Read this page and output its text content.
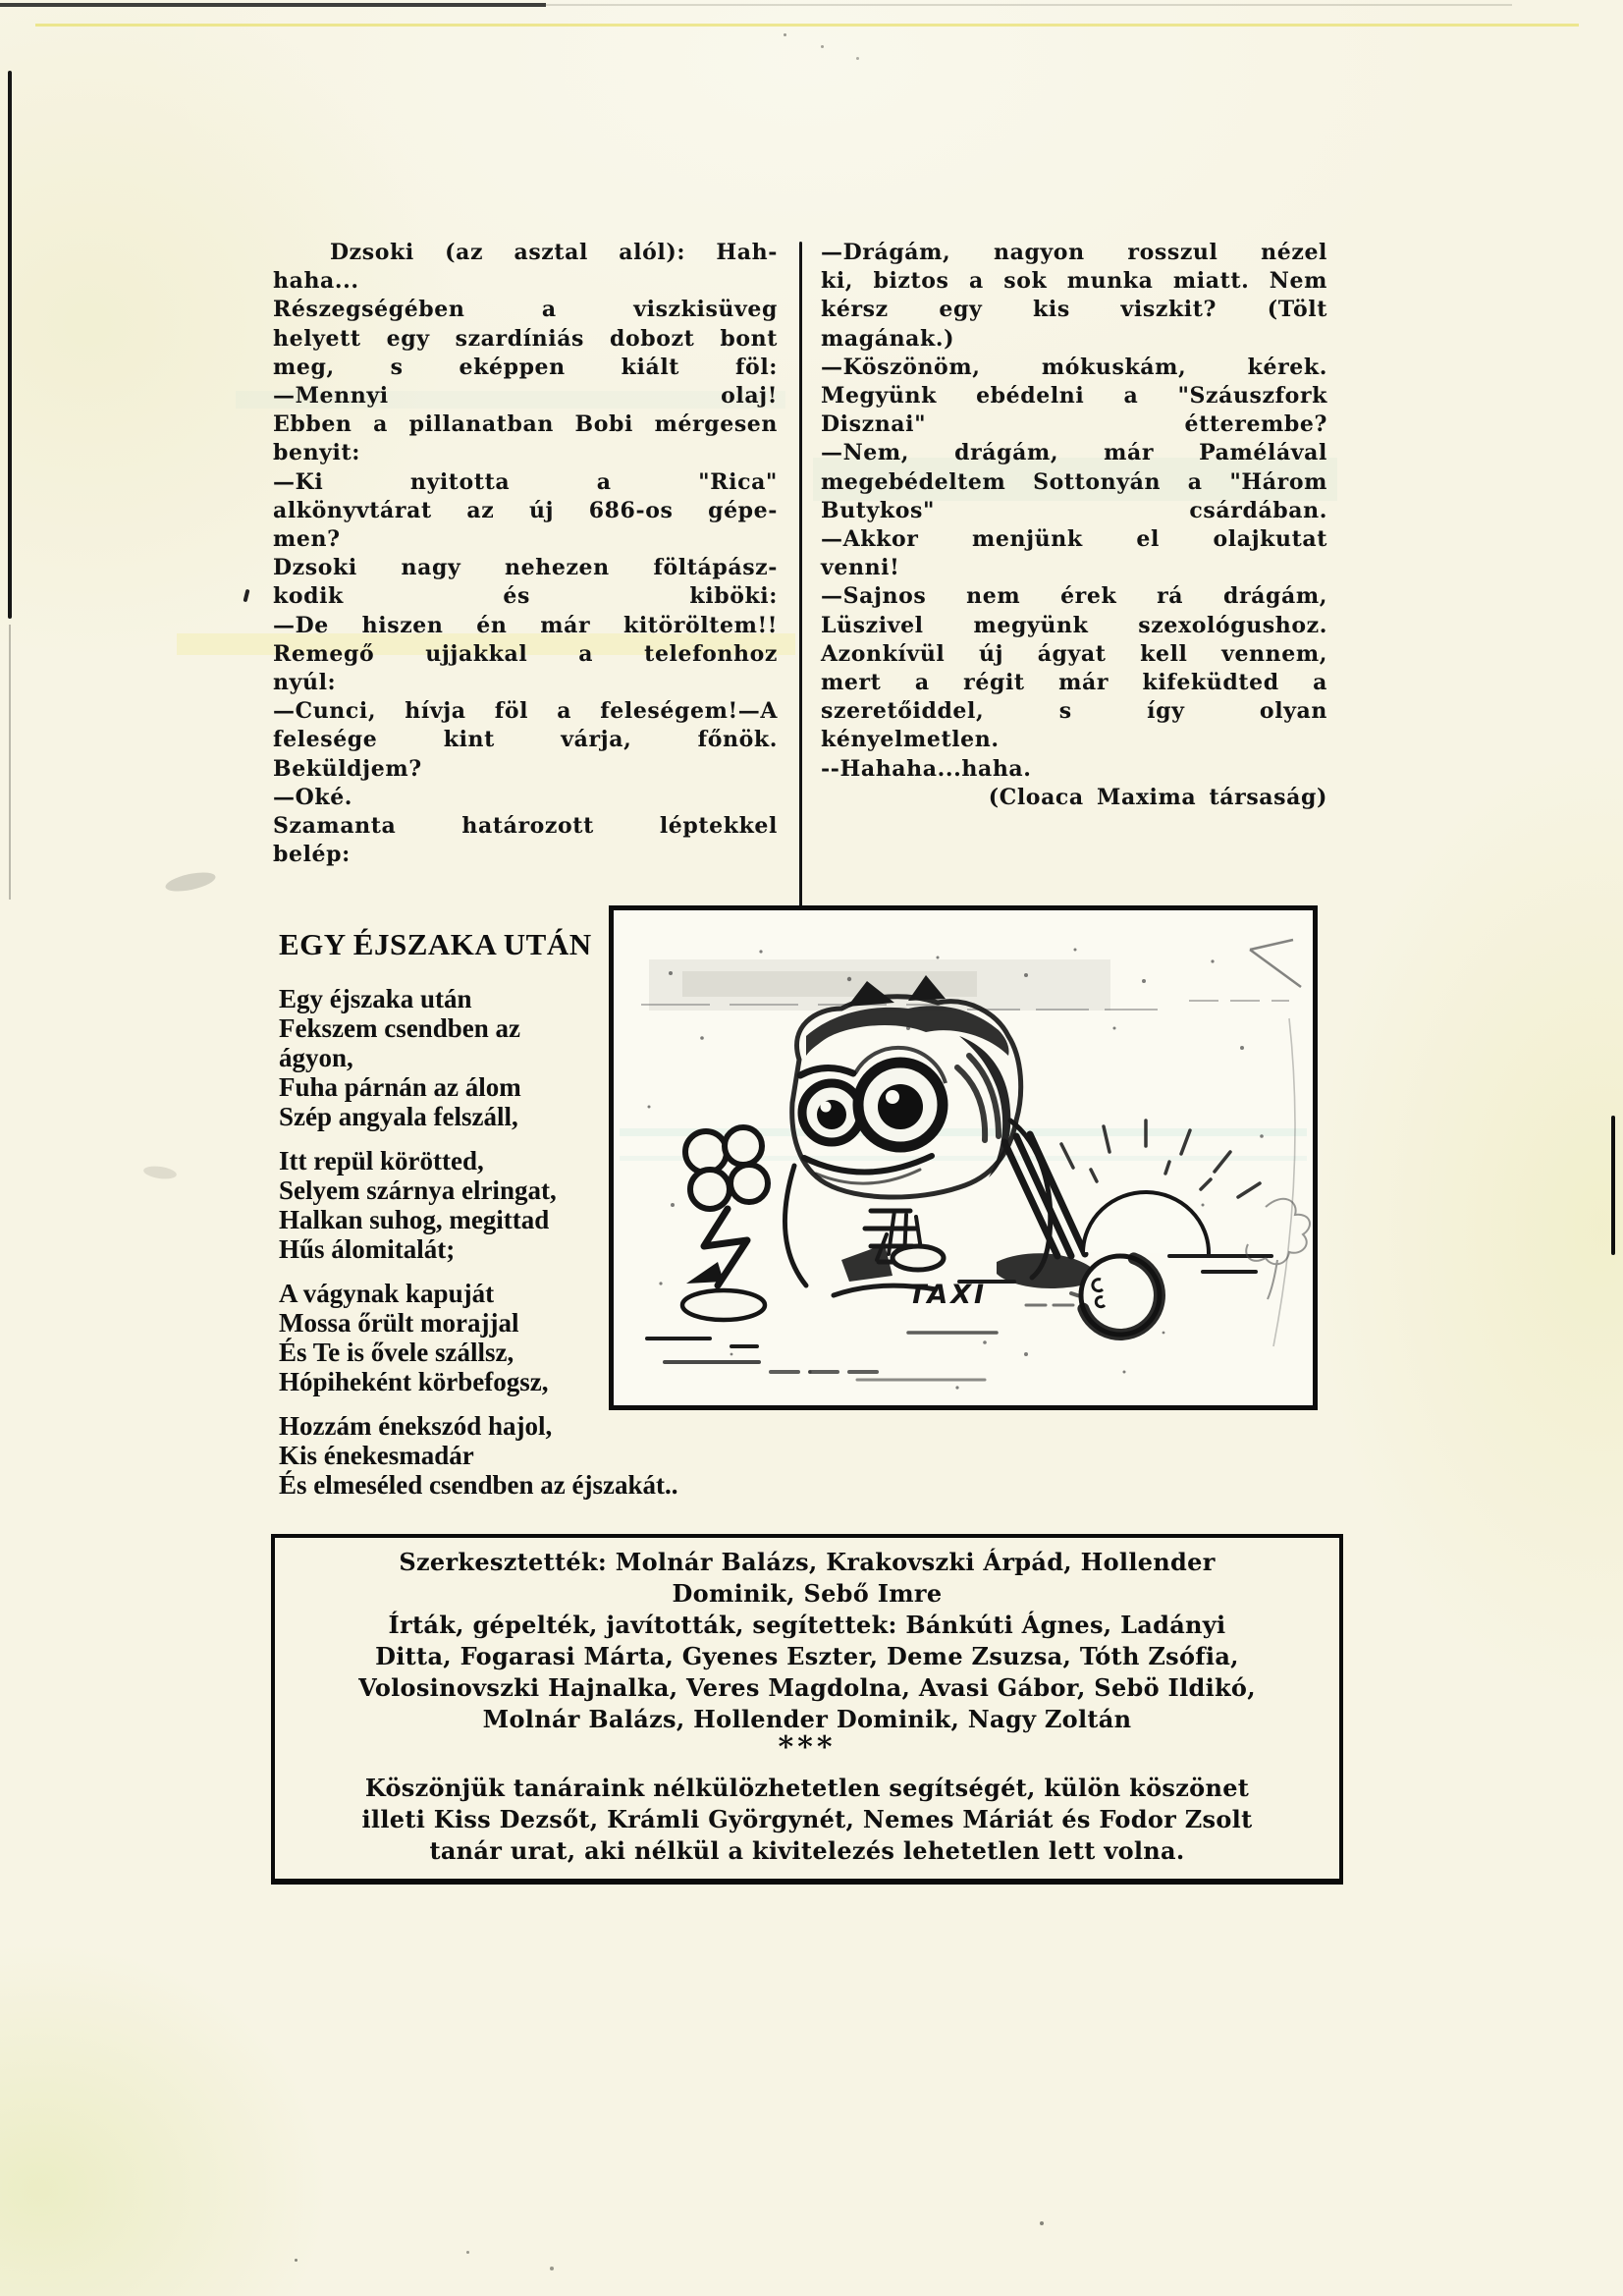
Dzsoki (az asztal alól): Hah-
haha...
Részegségében a viszkisüveg
helyett egy szardíniás dobozt bont
meg, s eképpen kiált föl:
—Mennyi olaj!
Ebben a pillanatban Bobi mérgesen
benyit:
—Ki nyitotta a "Rica"
alkönyvtárat az új 686-os gépe-
men?
Dzsoki nagy nehezen föltápász-
kodik és kiböki:
—De hiszen én már kitöröltem!!
Remegő ujjakkal a telefonhoz
nyúl:
—Cunci, hívja föl a feleségem!—A
felesége kint várja, főnök.
Beküldjem?
—Oké.
Szamanta határozott léptekkel
belép:
—Drágám, nagyon rosszul nézel
ki, biztos a sok munka miatt. Nem
kérsz egy kis viszkit? (Tölt
magának.)
—Köszönöm, mókuskám, kérek.
Megyünk ebédelni a "Száuszfork
Disznai" étterembe?
—Nem, drágám, már Pamélával
megebédeltem Sottonyán a "Három
Butykos" csárdában.
—Akkor menjünk el olajkutat
venni!
—Sajnos nem érek rá drágám,
Lüszivel megyünk szexológushoz.
Azonkívül új ágyat kell vennem,
mert a régit már kifeküdted a
szeretőiddel, s így olyan
kényelmetlen.
--Hahaha...haha.
(Cloaca Maxima társaság)
EGY ÉJSZAKA UTÁN
Egy éjszaka után
Fekszem csendben az
ágyon,
Fuha párnán az álom
Szép angyala felszáll,
Itt repül körötted,
Selyem szárnya elringat,
Halkan suhog, megittad
Hűs álomitalát;
A vágynak kapuját
Mossa őrült morajjal
És Te is ővele szállsz,
Hópiheként körbefogsz,
Hozzám énekszód hajol,
Kis énekesmadár
És elmeséled csendben az éjszakát..
TAXI
Szerkesztették: Molnár Balázs, Krakovszki Árpád, Hollender
Dominik, Sebő Imre
Írták, gépelték, javították, segítettek: Bánkúti Ágnes, Ladányi
Ditta, Fogarasi Márta, Gyenes Eszter, Deme Zsuzsa, Tóth Zsófia,
Volosinovszki Hajnalka, Veres Magdolna, Avasi Gábor, Sebö Ildikó,
Molnár Balázs, Hollender Dominik, Nagy Zoltán
***
Köszönjük tanáraink nélkülözhetetlen segítségét, külön köszönet
illeti Kiss Dezsőt, Krámli Györgynét, Nemes Máriát és Fodor Zsolt
tanár urat, aki nélkül a kivitelezés lehetetlen lett volna.
